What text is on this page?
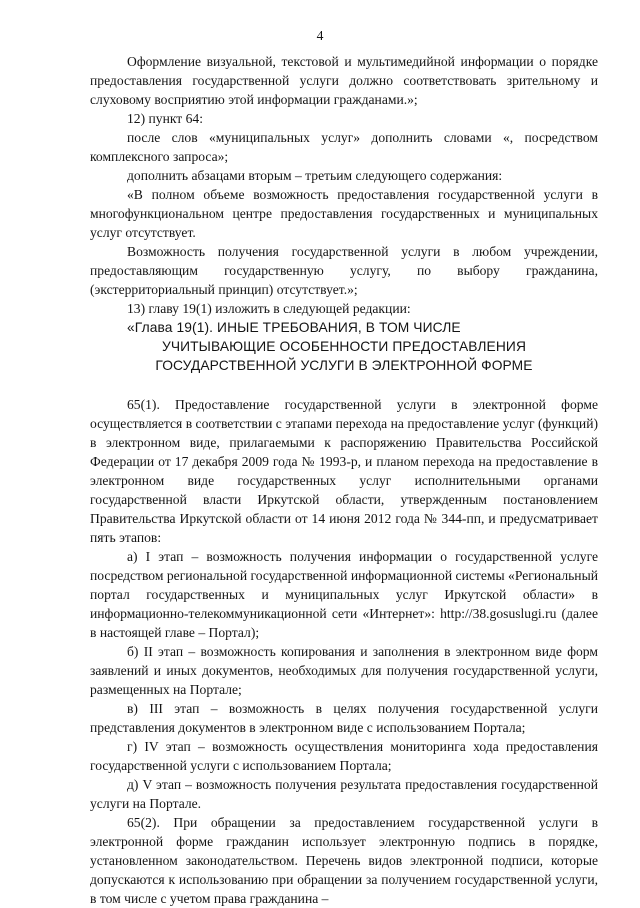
4

Оформление визуальной, текстовой и мультимедийной информации о порядке предоставления государственной услуги должно соответствовать зрительному и слуховому восприятию этой информации гражданами.»;

12) пункт 64:

после слов «муниципальных услуг» дополнить словами «, посредством комплексного запроса»;

дополнить абзацами вторым – третьим следующего содержания:

«В полном объеме возможность предоставления государственной услуги в многофункциональном центре предоставления государственных и муниципальных услуг отсутствует.

Возможность получения государственной услуги в любом учреждении, предоставляющим государственную услугу, по выбору гражданина, (экстерриториальный принцип) отсутствует.»;

13) главу 19(1) изложить в следующей редакции:

«Глава 19(1). ИНЫЕ ТРЕБОВАНИЯ, В ТОМ ЧИСЛЕ

УЧИТЫВАЮЩИЕ ОСОБЕННОСТИ ПРЕДОСТАВЛЕНИЯ

ГОСУДАРСТВЕННОЙ УСЛУГИ В ЭЛЕКТРОННОЙ ФОРМЕ

65(1). Предоставление государственной услуги в электронной форме осуществляется в соответствии с этапами перехода на предоставление услуг (функций) в электронном виде, прилагаемыми к распоряжению Правительства Российской Федерации от 17 декабря 2009 года № 1993-р, и планом перехода на предоставление в электронном виде государственных услуг исполнительными органами государственной власти Иркутской области, утвержденным постановлением Правительства Иркутской области от 14 июня 2012 года № 344-пп, и предусматривает пять этапов:

а) I этап – возможность получения информации о государственной услуге посредством региональной государственной информационной системы «Региональный портал государственных и муниципальных услуг Иркутской области» в информационно-телекоммуникационной сети «Интернет»: http://38.gosuslugi.ru (далее в настоящей главе – Портал);

б) II этап – возможность копирования и заполнения в электронном виде форм заявлений и иных документов, необходимых для получения государственной услуги, размещенных на Портале;

в) III этап – возможность в целях получения государственной услуги представления документов в электронном виде с использованием Портала;

г) IV этап – возможность осуществления мониторинга хода предоставления государственной услуги с использованием Портала;

д) V этап – возможность получения результата предоставления государственной услуги на Портале.

65(2). При обращении за предоставлением государственной услуги в электронной форме гражданин использует электронную подпись в порядке, установленном законодательством. Перечень видов электронной подписи, которые допускаются к использованию при обращении за получением государственной услуги, в том числе с учетом права гражданина –
